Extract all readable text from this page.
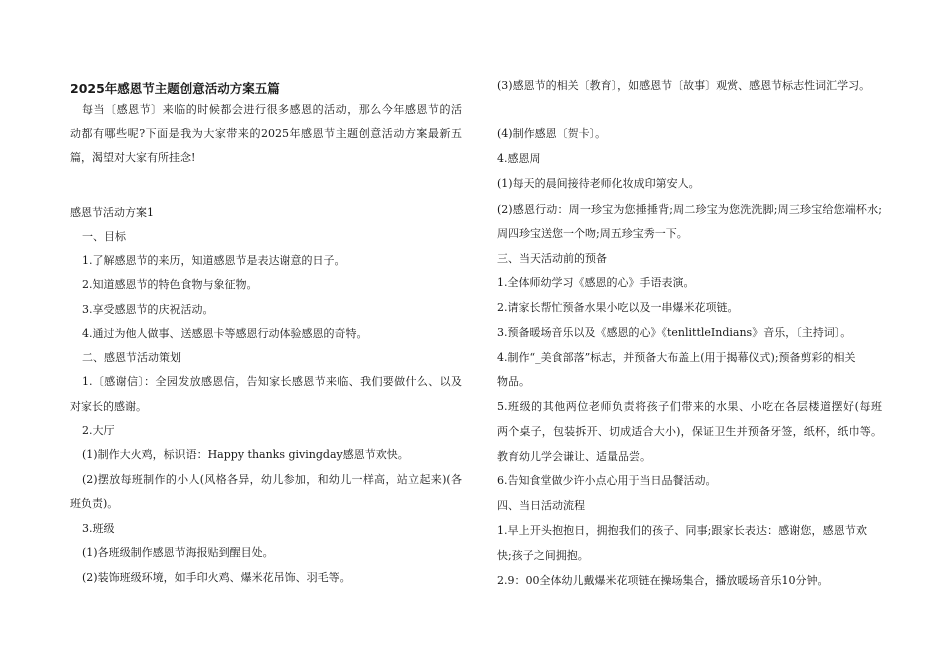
2025年感恩节主题创意活动方案五篇
每当〔感恩节〕来临的时候都会进行很多感恩的活动，那么今年感恩节的活
动都有哪些呢?下面是我为大家带来的2025年感恩节主题创意活动方案最新五
篇，渴望对大家有所挂念!
感恩节活动方案1
一、目标
1.了解感恩节的来历，知道感恩节是表达谢意的日子。
2.知道感恩节的特色食物与象征物。
3.享受感恩节的庆祝活动。
4.通过为他人做事、送感恩卡等感恩行动体验感恩的奇特。
二、感恩节活动策划
1.〔感谢信〕：全园发放感恩信，告知家长感恩节来临、我们要做什么、以及
对家长的感谢。
2.大厅
(1)制作大火鸡，标识语：Happy thanks givingday感恩节欢快。
(2)摆放每班制作的小人(风格各异，幼儿参加，和幼儿一样高，站立起来)(各
班负责)。
3.班级
(1)各班级制作感恩节海报贴到醒目处。
(2)装饰班级环境，如手印火鸡、爆米花吊饰、羽毛等。
(3)感恩节的相关〔教育〕，如感恩节〔故事〕观赏、感恩节标志性词汇学习。
(4)制作感恩〔贺卡〕。
4.感恩周
(1)每天的晨间接待老师化妆成印第安人。
(2)感恩行动：周一珍宝为您捶捶背;周二珍宝为您洗洗脚;周三珍宝给您端杯水;
周四珍宝送您一个吻;周五珍宝秀一下。
三、当天活动前的预备
1.全体师幼学习《感恩的心》手语表演。
2.请家长帮忙预备水果小吃以及一串爆米花项链。
3.预备暖场音乐以及《感恩的心》《tenlittleIndians》音乐，〔主持词〕。
4.制作“_美食部落”标志，并预备大布盖上(用于揭幕仪式);预备剪彩的相关
物品。
5.班级的其他两位老师负责将孩子们带来的水果、小吃在各层楼道摆好(每班
两个桌子，包装拆开、切成适合大小)，保证卫生并预备牙签，纸杯，纸巾等。
教育幼儿学会谦让、适量品尝。
6.告知食堂做少许小点心用于当日品餐活动。
四、当日活动流程
1.早上开头抱抱日，拥抱我们的孩子、同事;跟家长表达：感谢您，感恩节欢
快;孩子之间拥抱。
2.9：00全体幼儿戴爆米花项链在操场集合，播放暖场音乐10分钟。
